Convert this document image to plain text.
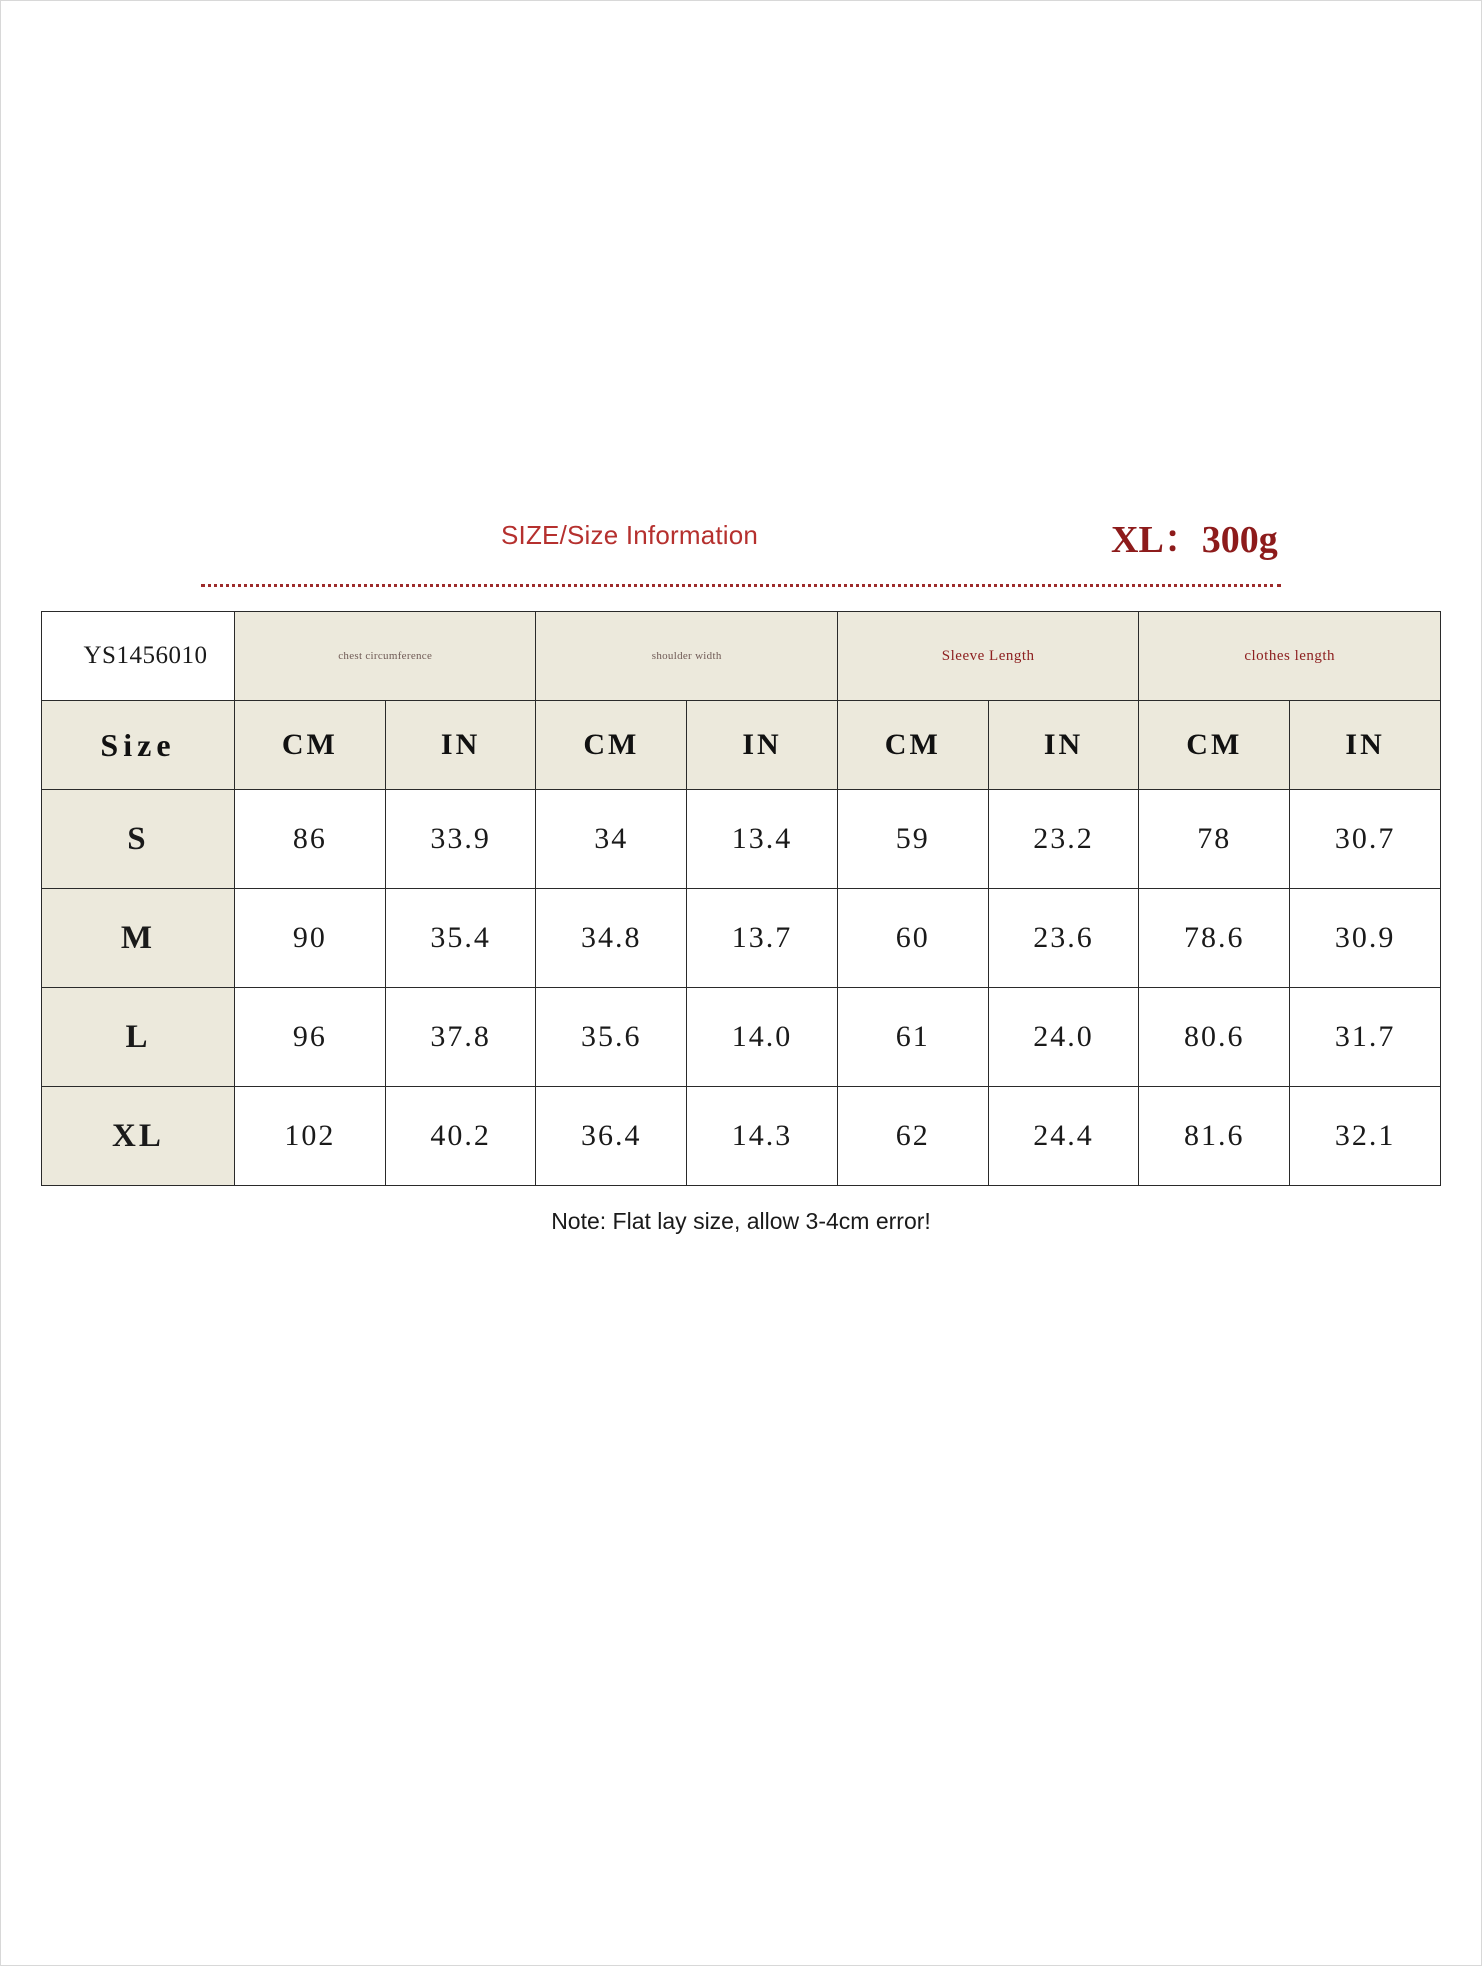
SIZE/Size Information	XL：300g
YS1456010	chest circumference		shoulder width		Sleeve Length		clothes length	
Size	CM	IN	CM	IN	CM	IN	CM	IN
S	86	33.9	34	13.4	59	23.2	78	30.7
M	90	35.4	34.8	13.7	60	23.6	78.6	30.9
L	96	37.8	35.6	14.0	61	24.0	80.6	31.7
XL	102	40.2	36.4	14.3	62	24.4	81.6	32.1
Note: Flat lay size, allow 3-4cm error!
